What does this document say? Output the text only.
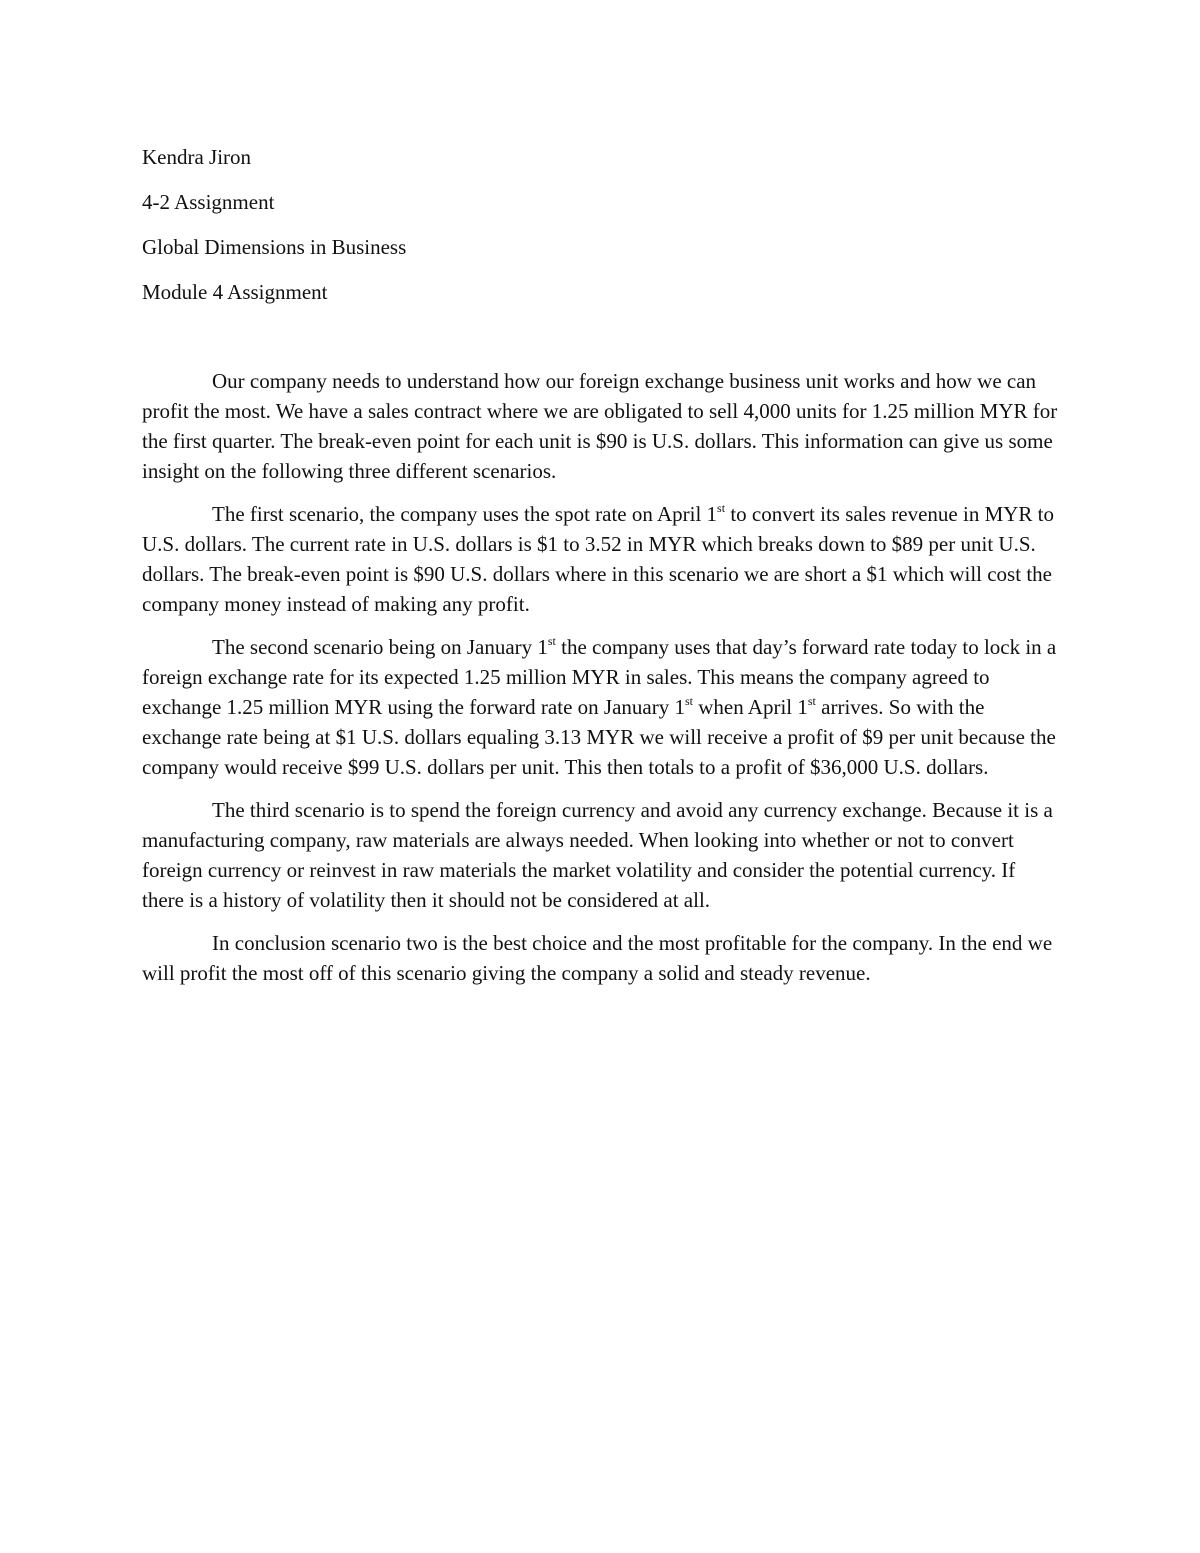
Kendra Jiron

4-2 Assignment

Global Dimensions in Business

Module 4 Assignment

Our company needs to understand how our foreign exchange business unit works and how we can profit the most. We have a sales contract where we are obligated to sell 4,000 units for 1.25 million MYR for the first quarter. The break-even point for each unit is $90 is U.S. dollars. This information can give us some insight on the following three different scenarios.

The first scenario, the company uses the spot rate on April 1st to convert its sales revenue in MYR to U.S. dollars. The current rate in U.S. dollars is $1 to 3.52 in MYR which breaks down to $89 per unit U.S. dollars. The break-even point is $90 U.S. dollars where in this scenario we are short a $1 which will cost the company money instead of making any profit.

The second scenario being on January 1st the company uses that day’s forward rate today to lock in a foreign exchange rate for its expected 1.25 million MYR in sales. This means the company agreed to exchange 1.25 million MYR using the forward rate on January 1st when April 1st arrives. So with the exchange rate being at $1 U.S. dollars equaling 3.13 MYR we will receive a profit of $9 per unit because the company would receive $99 U.S. dollars per unit. This then totals to a profit of $36,000 U.S. dollars.

The third scenario is to spend the foreign currency and avoid any currency exchange. Because it is a manufacturing company, raw materials are always needed. When looking into whether or not to convert foreign currency or reinvest in raw materials the market volatility and consider the potential currency. If there is a history of volatility then it should not be considered at all.

In conclusion scenario two is the best choice and the most profitable for the company. In the end we will profit the most off of this scenario giving the company a solid and steady revenue.
